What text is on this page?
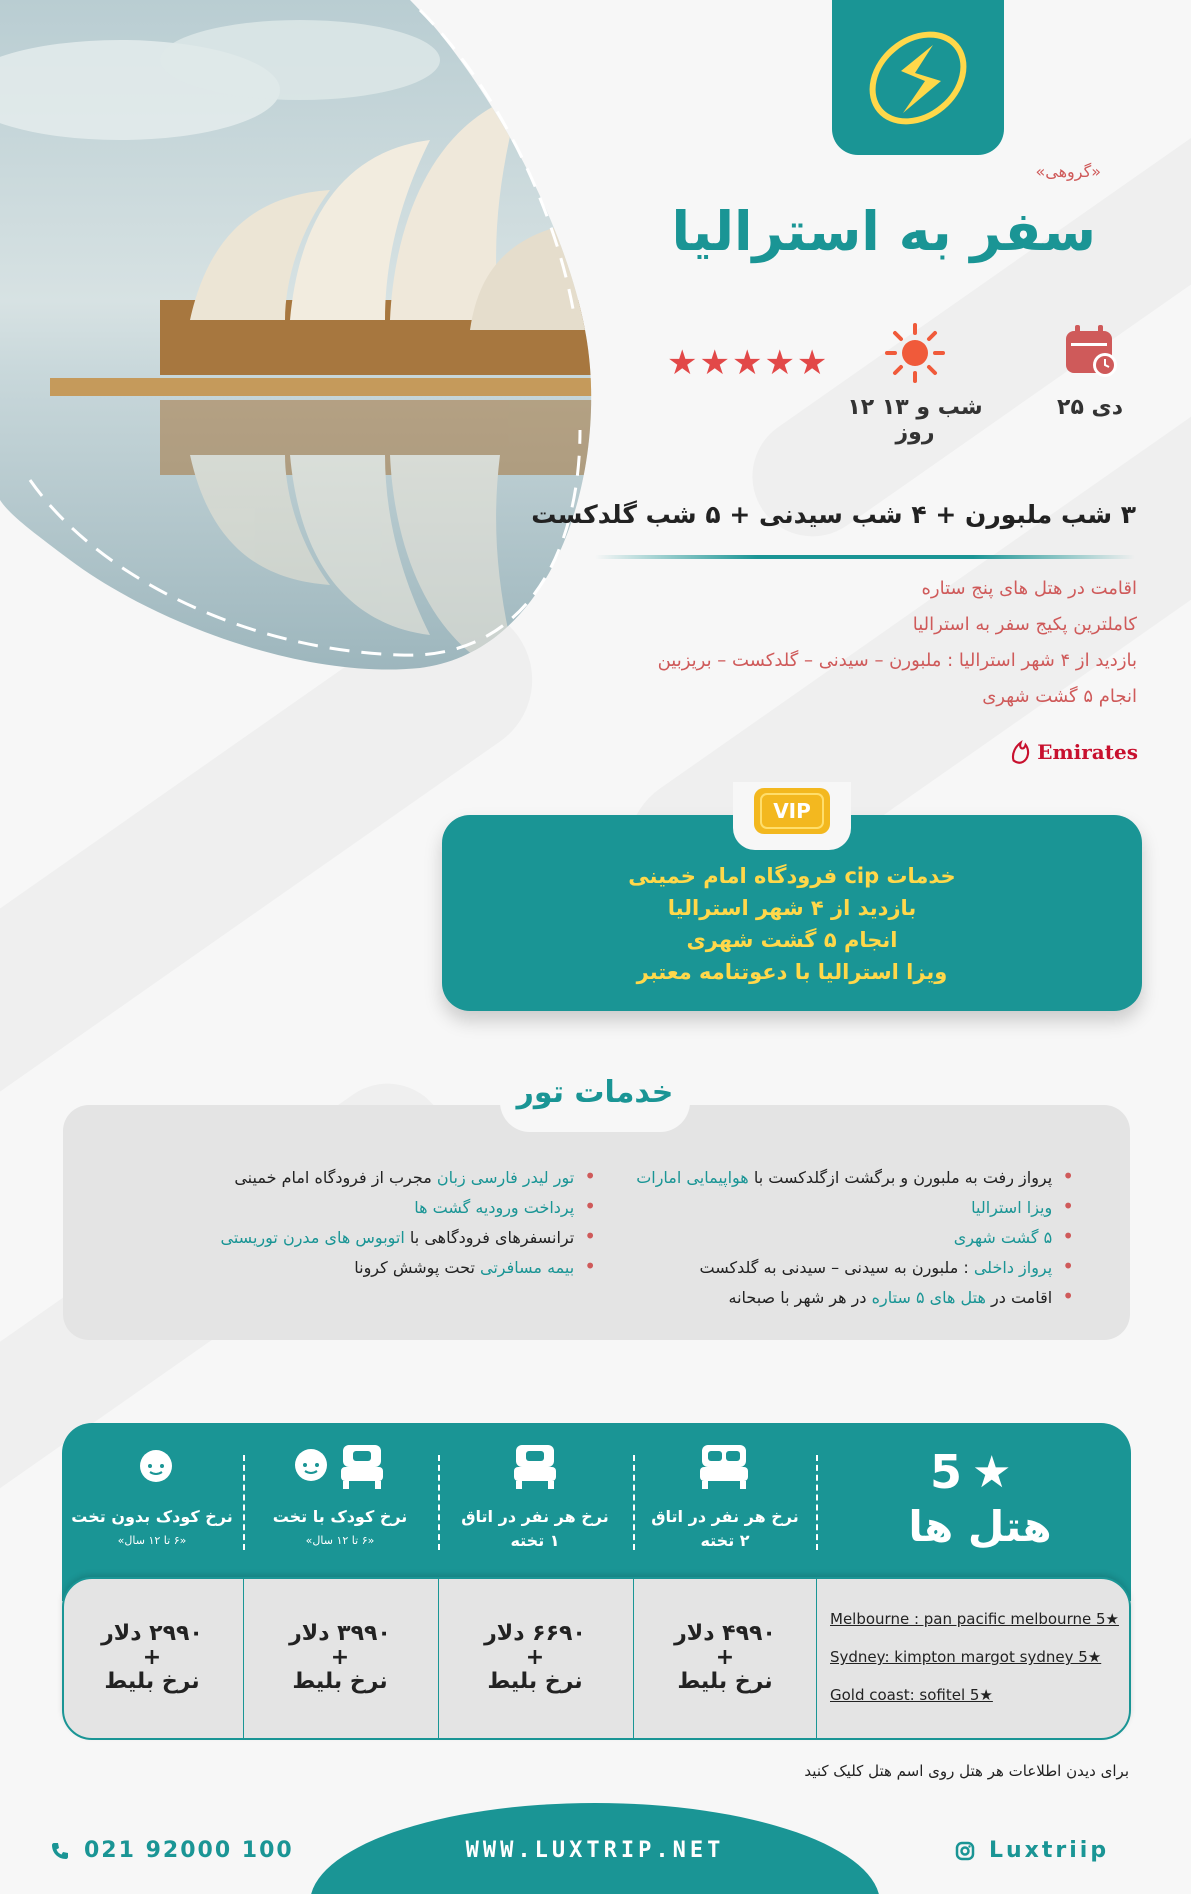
«گروهی»
سفر به استرالیا
۲۵ دی
۱۲ شب و ۱۳ روز
★★★★★
۳ شب ملبورن + ۴ شب سیدنی + ۵ شب گلدکست
اقامت در هتل های پنج ستاره
کاملترین پکیج سفر به استرالیا
بازدید از ۴ شهر استرالیا : ملبورن – سیدنی – گلدکست – بریزبین
انجام ۵ گشت شهری
Emirates
VIP
خدمات cip فرودگاه امام خمینی
بازدید از ۴ شهر استرالیا
انجام ۵ گشت شهری
ویزا استرالیا با دعوتنامه معتبر
خدمات تور
• پرواز رفت به ملبورن و برگشت ازگلدکست با هواپیمایی امارات
• ویزا استرالیا
• ۵ گشت شهری
• پرواز داخلی : ملبورن به سیدنی – سیدنی به گلدکست
• اقامت در هتل های ۵ ستاره در هر شهر با صبحانه
• تور لیدر فارسی زبان مجرب از فرودگاه امام خمینی
• پرداخت ورودیه گشت ها
• ترانسفرهای فرودگاهی با اتوبوس های مدرن توریستی
• بیمه مسافرتی تحت پوشش کرونا
5 ★
هتل ها
نرخ هر نفر در اتاق
۲ تخته
نرخ هر نفر در اتاق
۱ تخته
نرخ کودک با تخت
«۶ تا ۱۲ سال»
نرخ کودک بدون تخت
«۶ تا ۱۲ سال»
۴۹۹۰ دلار
+
نرخ بلیط
۶۶۹۰ دلار
+
نرخ بلیط
۳۹۹۰ دلار
+
نرخ بلیط
۲۹۹۰ دلار
+
نرخ بلیط
Melbourne : pan pacific melbourne 5★
Sydney: kimpton margot sydney 5★
Gold coast: sofitel 5★
برای دیدن اطلاعات هر هتل روی اسم هتل کلیک کنید
WWW.LUXTRIP.NET
021 92000 100	Luxtriip
